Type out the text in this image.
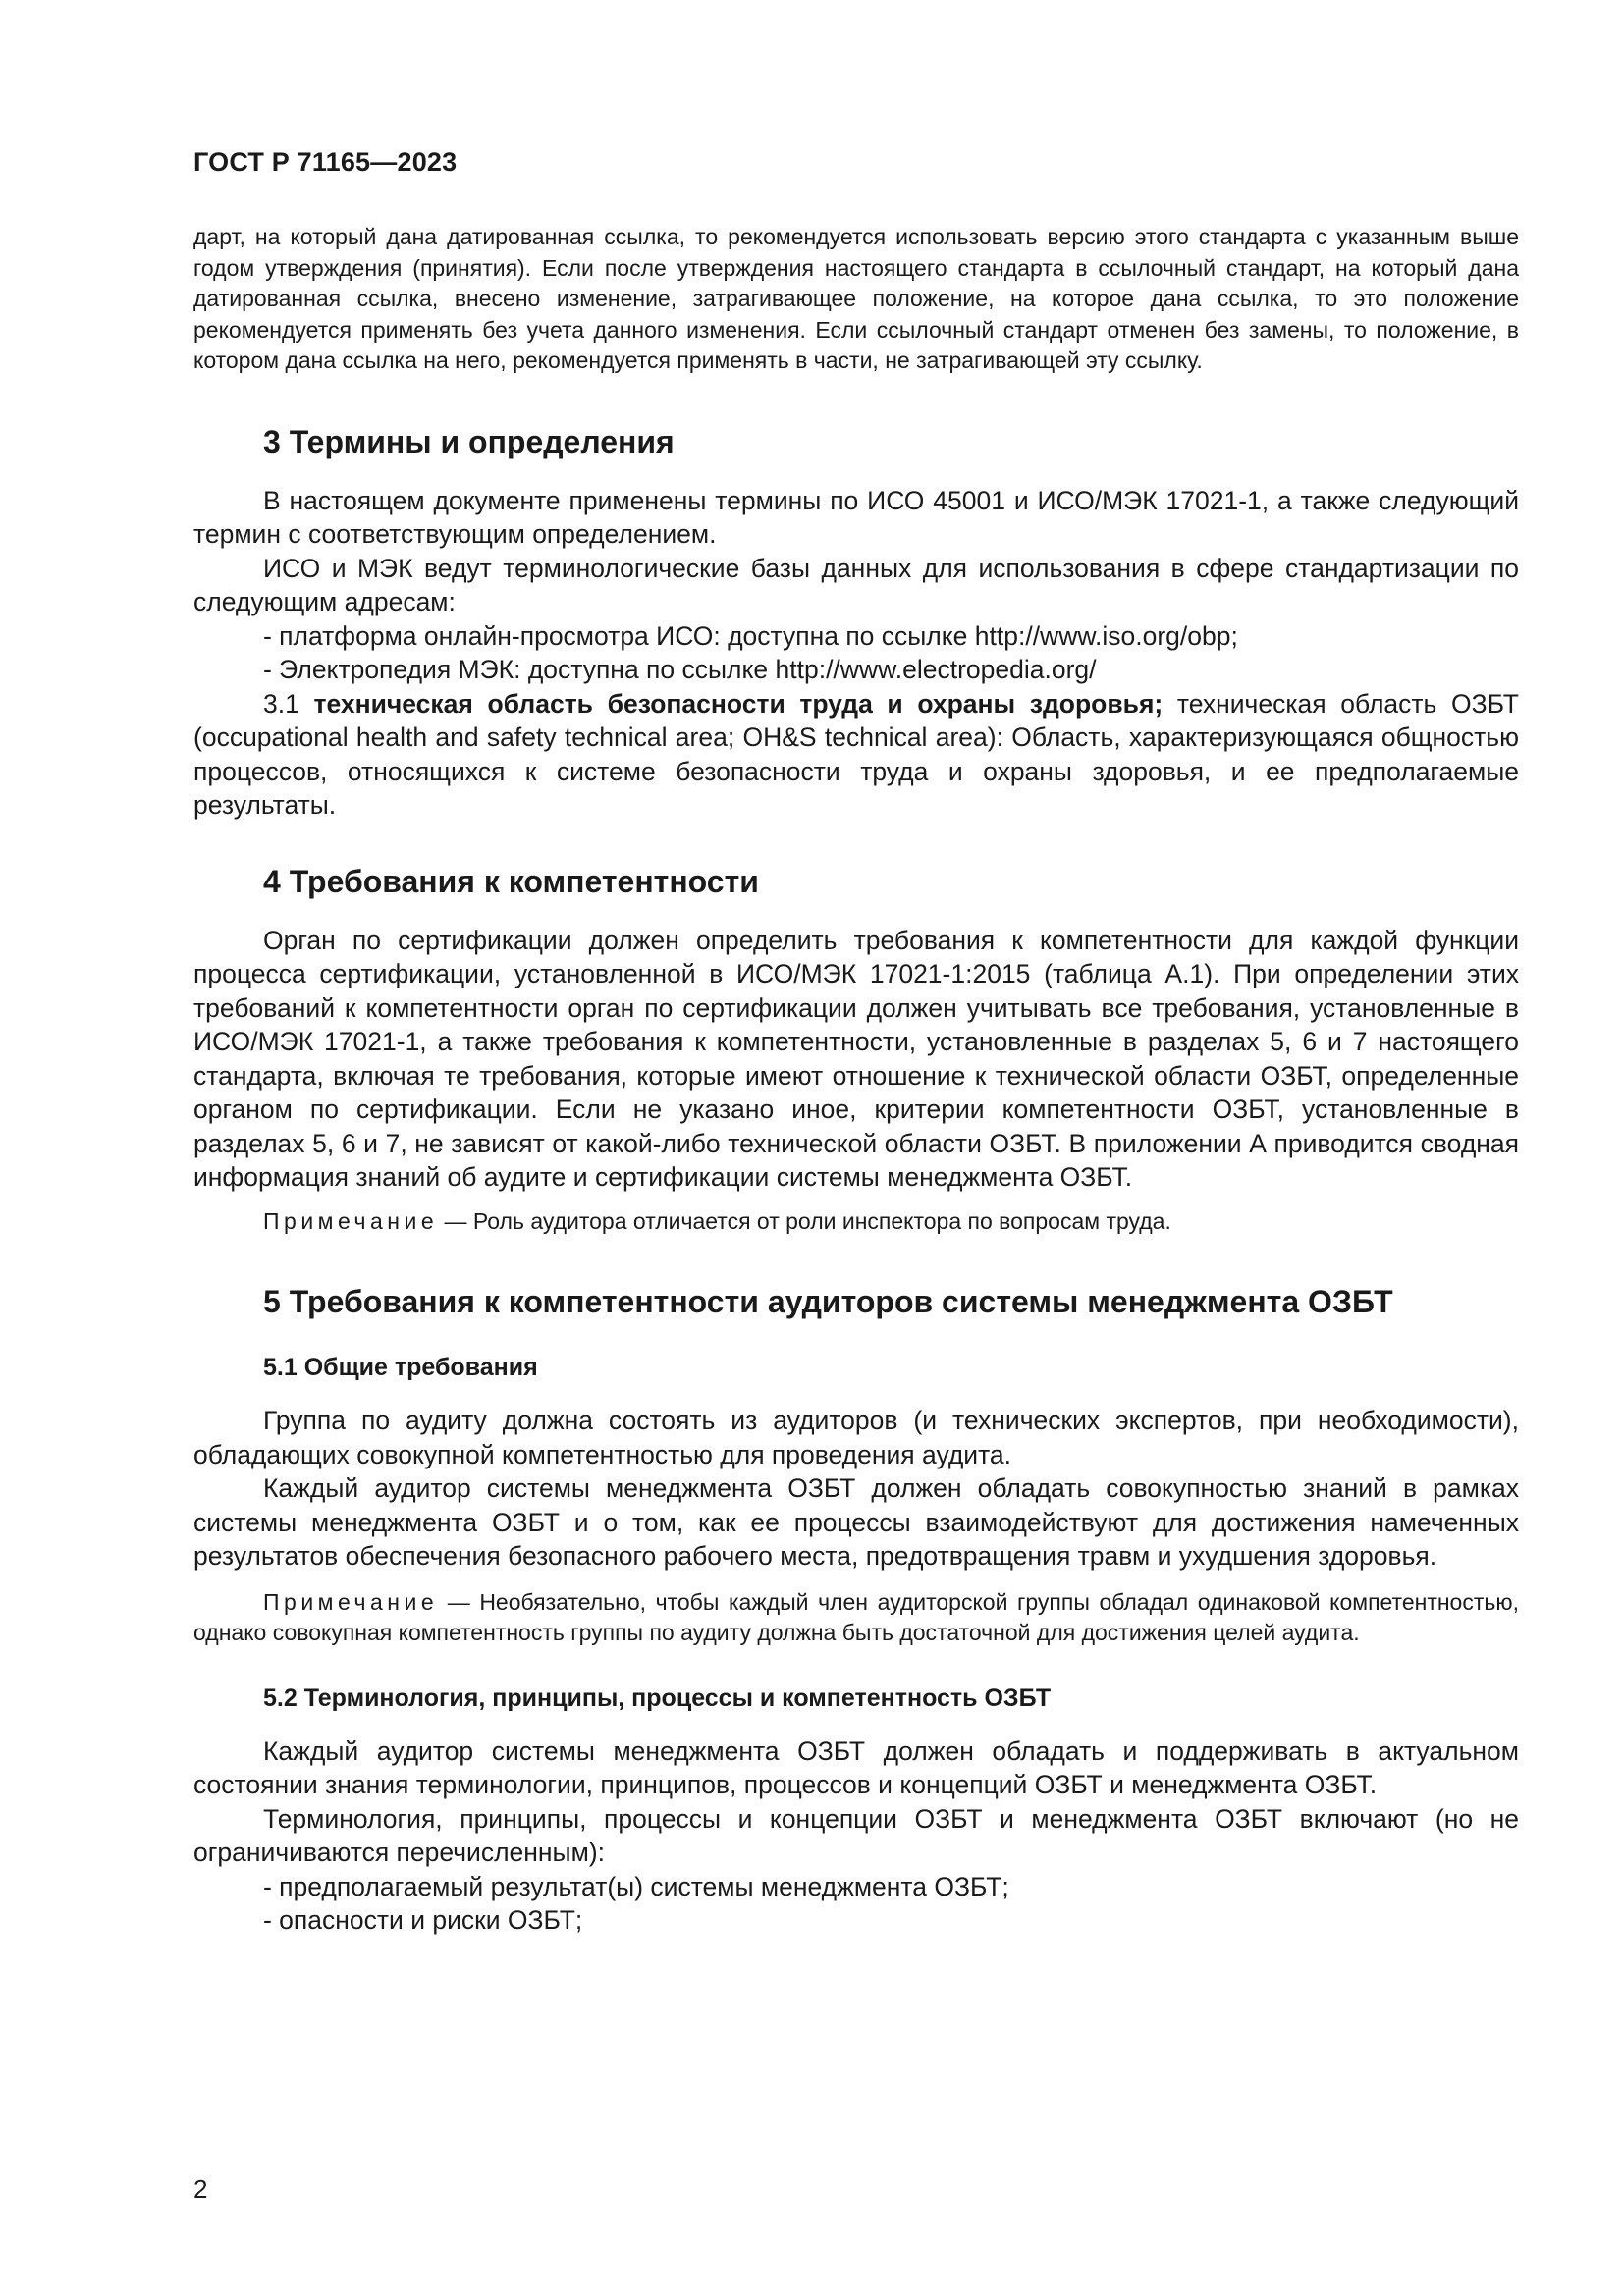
ГОСТ Р 71165—2023

дарт, на который дана датированная ссылка, то рекомендуется использовать версию этого стандарта с указанным выше годом утверждения (принятия). Если после утверждения настоящего стандарта в ссылочный стандарт, на который дана датированная ссылка, внесено изменение, затрагивающее положение, на которое дана ссылка, то это положение рекомендуется применять без учета данного изменения. Если ссылочный стандарт отменен без замены, то положение, в котором дана ссылка на него, рекомендуется применять в части, не затрагивающей эту ссылку.

3 Термины и определения

В настоящем документе применены термины по ИСО 45001 и ИСО/МЭК 17021-1, а также следующий термин с соответствующим определением.

ИСО и МЭК ведут терминологические базы данных для использования в сфере стандартизации по следующим адресам:

- платформа онлайн-просмотра ИСО: доступна по ссылке http://www.iso.org/obp;

- Электропедия МЭК: доступна по ссылке http://www.electropedia.org/

3.1 техническая область безопасности труда и охраны здоровья; техническая область ОЗБТ (occupational health and safety technical area; OH&S technical area): Область, характеризующаяся общностью процессов, относящихся к системе безопасности труда и охраны здоровья, и ее предполагаемые результаты.

4 Требования к компетентности

Орган по сертификации должен определить требования к компетентности для каждой функции процесса сертификации, установленной в ИСО/МЭК 17021-1:2015 (таблица А.1). При определении этих требований к компетентности орган по сертификации должен учитывать все требования, установленные в ИСО/МЭК 17021-1, а также требования к компетентности, установленные в разделах 5, 6 и 7 настоящего стандарта, включая те требования, которые имеют отношение к технической области ОЗБТ, определенные органом по сертификации. Если не указано иное, критерии компетентности ОЗБТ, установленные в разделах 5, 6 и 7, не зависят от какой-либо технической области ОЗБТ. В приложении А приводится сводная информация знаний об аудите и сертификации системы менеджмента ОЗБТ.

Примечание — Роль аудитора отличается от роли инспектора по вопросам труда.

5 Требования к компетентности аудиторов системы менеджмента ОЗБТ
5.1 Общие требования

Группа по аудиту должна состоять из аудиторов (и технических экспертов, при необходимости), обладающих совокупной компетентностью для проведения аудита.

Каждый аудитор системы менеджмента ОЗБТ должен обладать совокупностью знаний в рамках системы менеджмента ОЗБТ и о том, как ее процессы взаимодействуют для достижения намеченных результатов обеспечения безопасного рабочего места, предотвращения травм и ухудшения здоровья.

Примечание — Необязательно, чтобы каждый член аудиторской группы обладал одинаковой компетентностью, однако совокупная компетентность группы по аудиту должна быть достаточной для достижения целей аудита.

5.2 Терминология, принципы, процессы и компетентность ОЗБТ

Каждый аудитор системы менеджмента ОЗБТ должен обладать и поддерживать в актуальном состоянии знания терминологии, принципов, процессов и концепций ОЗБТ и менеджмента ОЗБТ.

Терминология, принципы, процессы и концепции ОЗБТ и менеджмента ОЗБТ включают (но не ограничиваются перечисленным):

- предполагаемый результат(ы) системы менеджмента ОЗБТ;

- опасности и риски ОЗБТ;

2
